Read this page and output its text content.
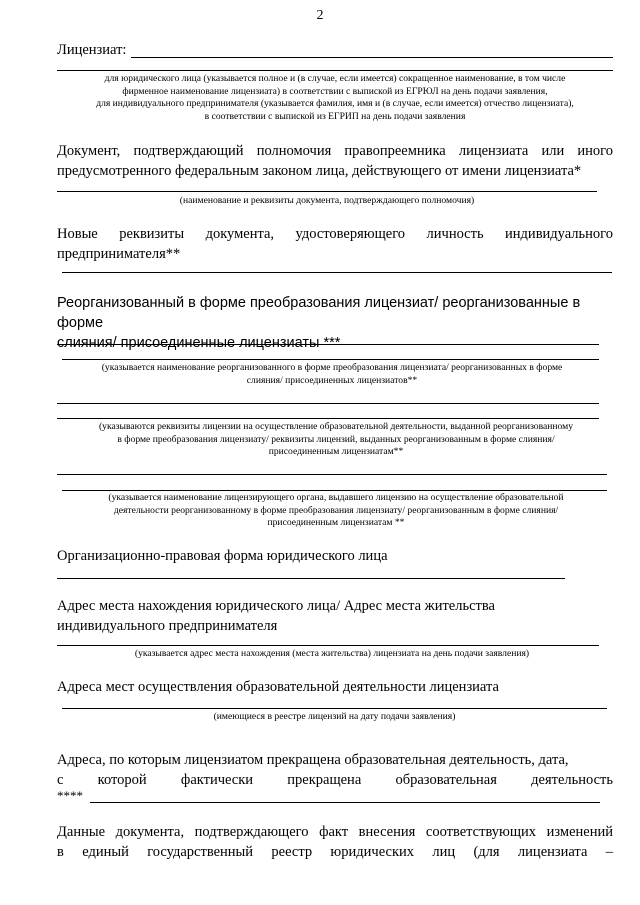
2
Лицензиат:
для юридического лица (указывается полное и (в случае, если имеется) сокращенное наименование, в том числе
фирменное наименование лицензиата) в соответствии с выпиской из ЕГРЮЛ на день подачи заявления,
для индивидуального предпринимателя (указывается фамилия, имя и (в случае, если имеется) отчество лицензиата),
в соответствии с выпиской из ЕГРИП на день подачи заявления
Документ, подтверждающий полномочия правопреемника лицензиата или иного
предусмотренного федеральным законом лица, действующего от имени лицензиата*
(наименование и реквизиты документа, подтверждающего полномочия)
Новые реквизиты документа, удостоверяющего личность индивидуального
предпринимателя**
Реорганизованный в форме преобразования лицензиат/ реорганизованные в форме
слияния/ присоединенные лицензиаты ***
(указывается наименование реорганизованного в форме преобразования лицензиата/ реорганизованных в форме
слияния/ присоединенных лицензиатов**
(указываются реквизиты лицензии на осуществление образовательной деятельности, выданной реорганизованному
в форме преобразования лицензиату/ реквизиты лицензий, выданных реорганизованным в форме слияния/
присоединенным лицензиатам**
(указывается наименование лицензирующего органа, выдавшего лицензию на осуществление образовательной
деятельности реорганизованному в форме преобразования лицензиату/ реорганизованным в форме слияния/
присоединенным лицензиатам **
Организационно-правовая форма юридического лица
Адрес места нахождения юридического лица/ Адрес места жительства
индивидуального предпринимателя
(указывается адрес места нахождения (места жительства) лицензиата на день подачи заявления)
Адреса мест осуществления образовательной деятельности лицензиата
(имеющиеся в реестре лицензий на дату подачи заявления)
Адреса, по которым лицензиатом прекращена образовательная деятельность, дата,
с которой фактически прекращена образовательная деятельность
****
Данные документа, подтверждающего факт внесения соответствующих изменений
в единый государственный реестр юридических лиц (для лицензиата –
